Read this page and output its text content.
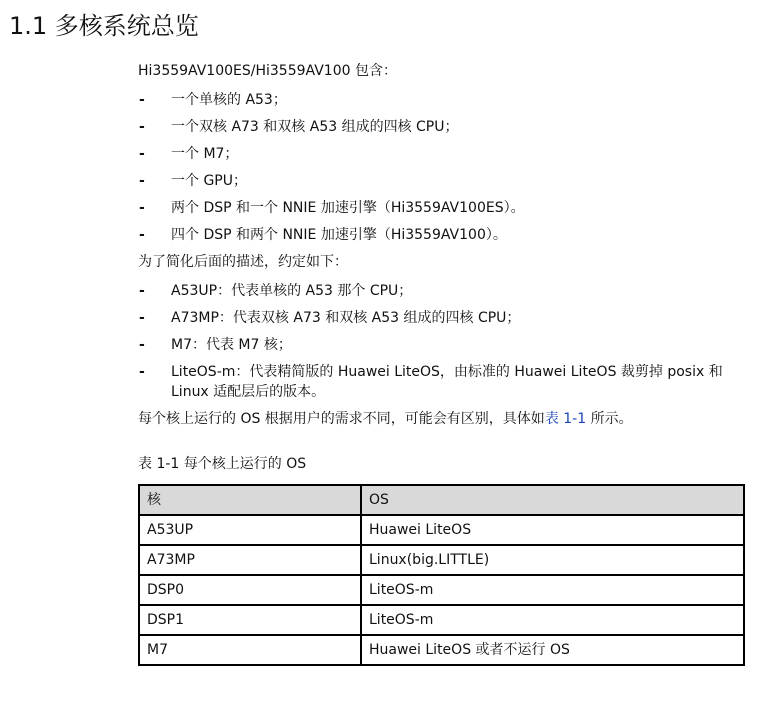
1.1 多核系统总览

Hi3559AV100ES/Hi3559AV100 包含：

- 一个单核的 A53；
- 一个双核 A73 和双核 A53 组成的四核 CPU；
- 一个 M7；
- 一个 GPU；
- 两个 DSP 和一个 NNIE 加速引擎（Hi3559AV100ES）。
- 四个 DSP 和两个 NNIE 加速引擎（Hi3559AV100）。

为了简化后面的描述，约定如下：

- A53UP：代表单核的 A53 那个 CPU；
- A73MP：代表双核 A73 和双核 A53 组成的四核 CPU；
- M7：代表 M7 核；
- LiteOS-m：代表精简版的 Huawei LiteOS，由标准的 Huawei LiteOS 裁剪掉 posix 和 Linux 适配层后的版本。

每个核上运行的 OS 根据用户的需求不同，可能会有区别，具体如表 1-1 所示。

表 1-1 每个核上运行的 OS

核	OS
A53UP	Huawei LiteOS
A73MP	Linux(big.LITTLE)
DSP0	LiteOS-m
DSP1	LiteOS-m
M7	Huawei LiteOS 或者不运行 OS
